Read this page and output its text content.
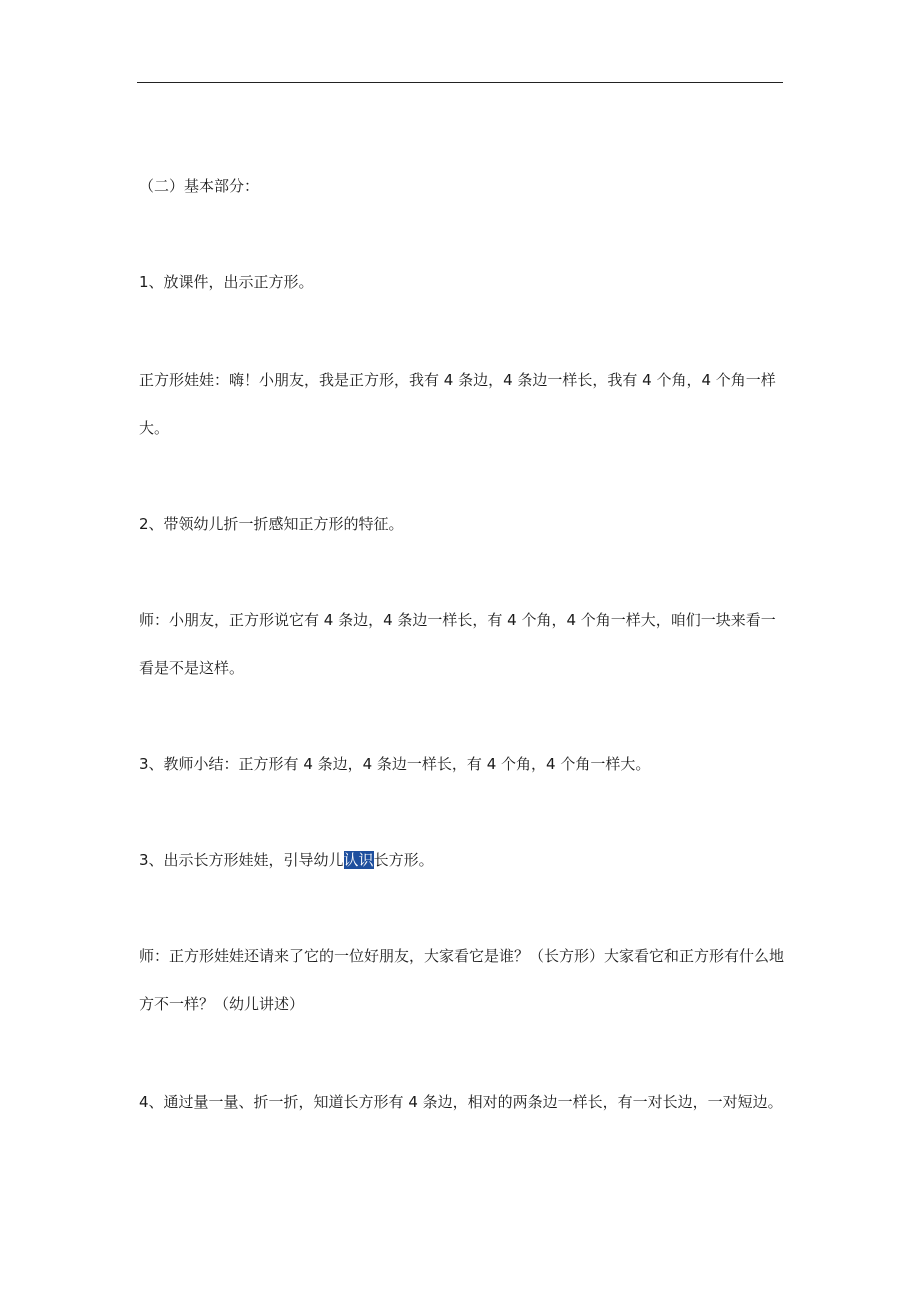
（二）基本部分：

1、放课件，出示正方形。

正方形娃娃：嗨！小朋友，我是正方形，我有 4 条边，4 条边一样长，我有 4 个角，4 个角一样大。

2、带领幼儿折一折感知正方形的特征。

师：小朋友，正方形说它有 4 条边，4 条边一样长，有 4 个角，4 个角一样大，咱们一块来看一看是不是这样。

3、教师小结：正方形有 4 条边，4 条边一样长，有 4 个角，4 个角一样大。

3、出示长方形娃娃，引导幼儿认识长方形。

师：正方形娃娃还请来了它的一位好朋友，大家看它是谁？（长方形）大家看它和正方形有什么地方不一样？（幼儿讲述）

4、通过量一量、折一折，知道长方形有 4 条边，相对的两条边一样长，有一对长边，一对短边。
